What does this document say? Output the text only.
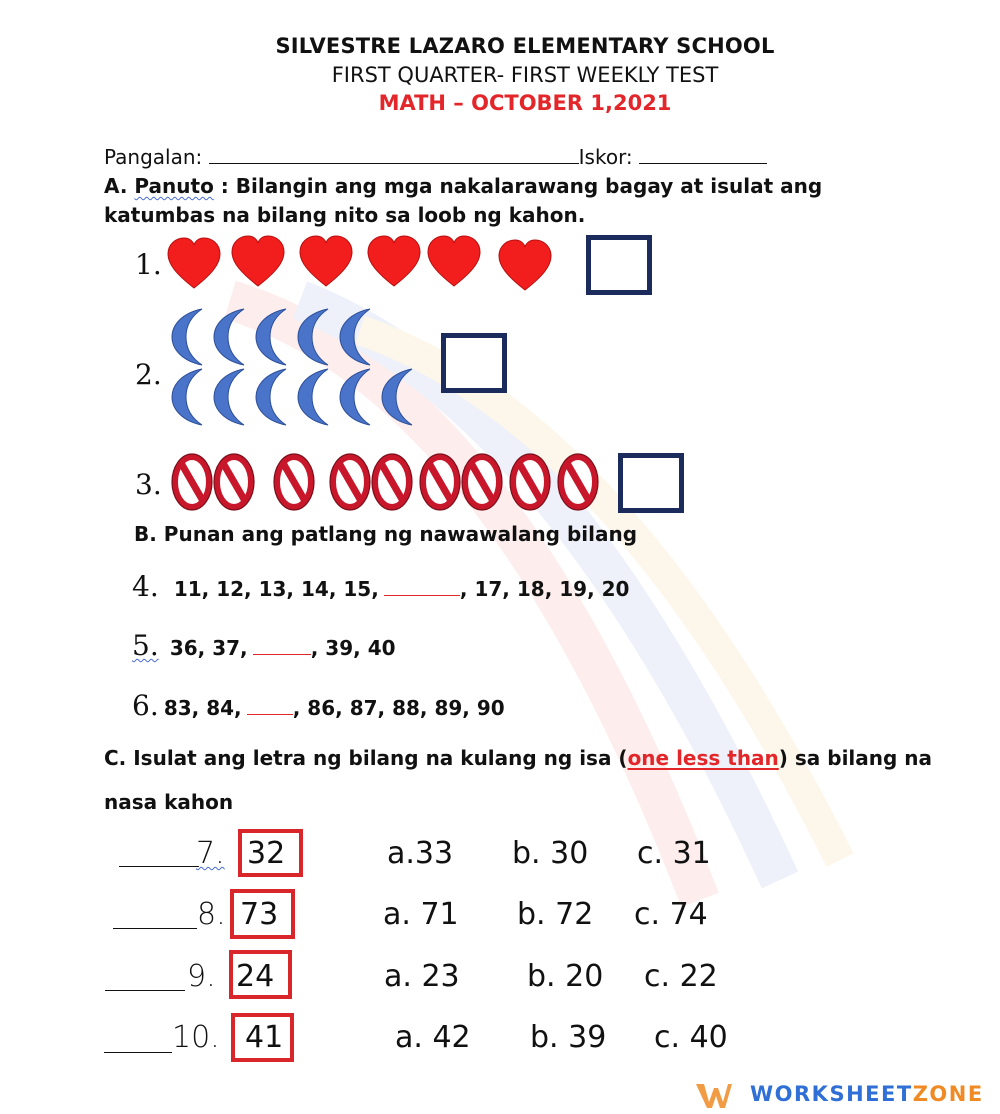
SILVESTRE LAZARO ELEMENTARY SCHOOL
FIRST QUARTER- FIRST WEEKLY TEST
MATH – OCTOBER 1,2021
Pangalan:	Iskor:
A. Panuto : Bilangin ang mga nakalarawang bagay at isulat ang
katumbas na bilang nito sa loob ng kahon.
1.
2.
3.
B. Punan ang patlang ng nawawalang bilang
4. 11, 12, 13, 14, 15,	, 17, 18, 19, 20
5. 36, 37,	, 39, 40
6. 83, 84,	, 86, 87, 88, 89, 90
C. Isulat ang letra ng bilang na kulang ng isa (one less than) sa bilang na
nasa kahon
7. 32	a.33 b. 30 c. 31
8. 73	a. 71 b. 72 c. 74
9. 24	a. 23 b. 20 c. 22
10. 41	a. 42 b. 39 c. 40
WORKSHEETZONE
